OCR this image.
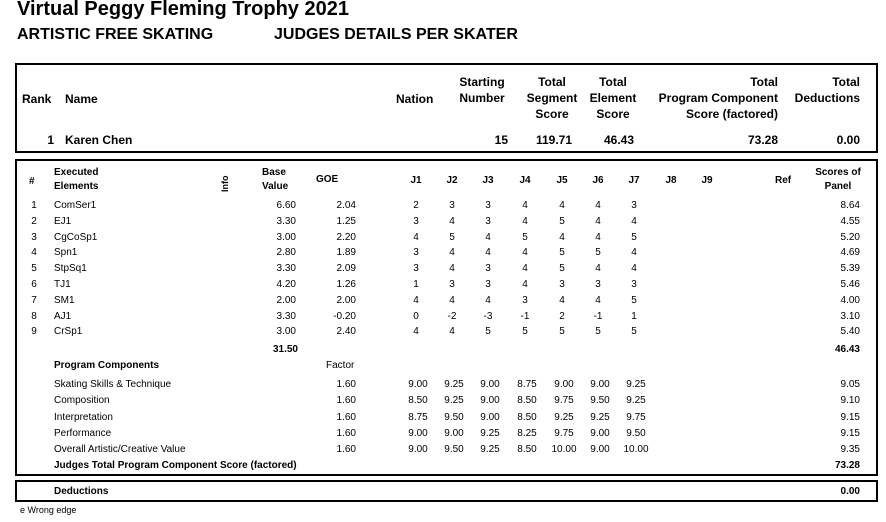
Virtual Peggy Fleming Trophy 2021
ARTISTIC FREE SKATING	JUDGES DETAILS PER SKATER
Rank Name	Nation
Starting
Number
Total
Segment
Score
Total
Element
Score
Total
Program Component
Score (factored)
Total
Deductions
1 Karen Chen	15	119.71	46.43	73.28	0.00
#
Executed
Elements	Info
Base
Value
GOE	J1	J2	J3	J4	J5	J6	J7	J8	J9	Ref
Scores of
Panel
1	ComSer1	6.60	2.04	2	3	3	4	4	4	3	8.64
2	EJ1	3.30	1.25	3	4	3	4	5	4	4	4.55
3	CgCoSp1	3.00	2.20	4	5	4	5	4	4	5	5.20
4	Spn1	2.80	1.89	3	4	4	4	5	5	4	4.69
5	StpSq1	3.30	2.09	3	4	3	4	5	4	4	5.39
6	TJ1	4.20	1.26	1	3	3	4	3	3	3	5.46
7	SM1	2.00	2.00	4	4	4	3	4	4	5	4.00
8	AJ1	3.30	-0.20	0	-2	-3	-1	2	-1	1	3.10
9	CrSp1	3.00	2.40	4	4	5	5	5	5	5	5.40
31.50	46.43
Program Components	Factor
Skating Skills & Technique	1.60	9.00	9.25	9.00	8.75	9.00	9.00	9.25	9.05
Composition	1.60	8.50	9.25	9.00	8.50	9.75	9.50	9.25	9.10
Interpretation	1.60	8.75	9.50	9.00	8.50	9.25	9.25	9.75	9.15
Performance	1.60	9.00	9.00	9.25	8.25	9.75	9.00	9.50	9.15
Overall Artistic/Creative Value	1.60	9.00	9.50	9.25	8.50	10.00	9.00	10.00	9.35
Judges Total Program Component Score (factored)	73.28
Deductions	0.00
e Wrong edge
